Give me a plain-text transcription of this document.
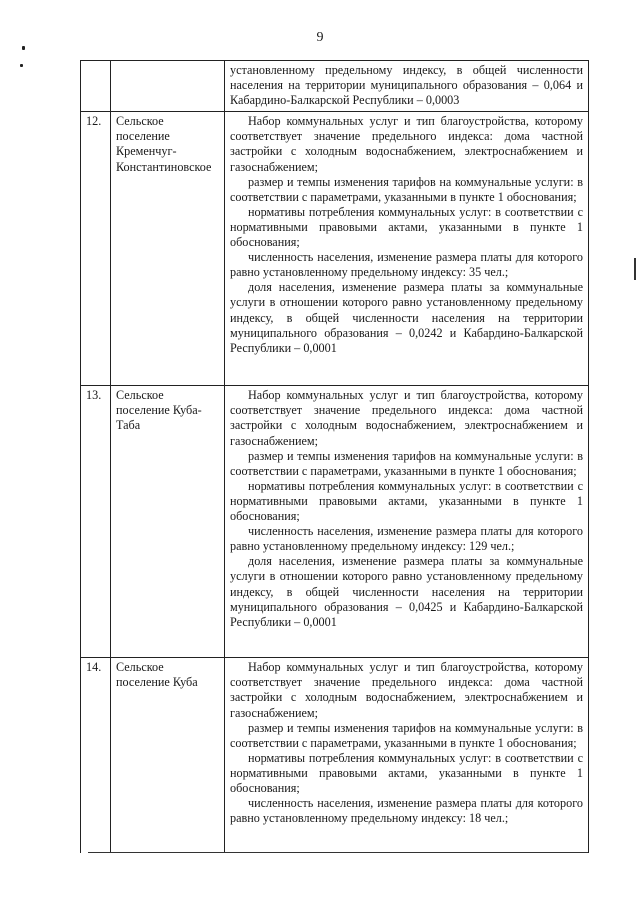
9

		установленному предельному индексу, в общей численности населения на территории муниципального образования – 0,064 и Кабардино-Балкарской Республики – 0,0003

12.	Сельское поселение Кременчуг-Константиновское	Набор коммунальных услуг и тип благоустройства, которому соответствует значение предельного индекса: дома частной застройки с холодным водоснабжением, электроснабжением и газоснабжением;

размер и темпы изменения тарифов на коммунальные услуги: в соответствии с параметрами, указанными в пункте 1 обоснования;

нормативы потребления коммунальных услуг: в соответствии с нормативными правовыми актами, указанными в пункте 1 обоснования;

численность населения, изменение размера платы для которого равно установленному предельному индексу: 35 чел.;

доля населения, изменение размера платы за коммунальные услуги в отношении которого равно установленному предельному индексу, в общей численности населения на территории муниципального образования – 0,0242 и Кабардино-Балкарской Республики – 0,0001

13.	Сельское поселение Куба-Таба	Набор коммунальных услуг и тип благоустройства, которому соответствует значение предельного индекса: дома частной застройки с холодным водоснабжением, электроснабжением и газоснабжением;

размер и темпы изменения тарифов на коммунальные услуги: в соответствии с параметрами, указанными в пункте 1 обоснования;

нормативы потребления коммунальных услуг: в соответствии с нормативными правовыми актами, указанными в пункте 1 обоснования;

численность населения, изменение размера платы для которого равно установленному предельному индексу: 129 чел.;

доля населения, изменение размера платы за коммунальные услуги в отношении которого равно установленному предельному индексу, в общей численности населения на территории муниципального образования – 0,0425 и Кабардино-Балкарской Республики – 0,0001

14.	Сельское поселение Куба	Набор коммунальных услуг и тип благоустройства, которому соответствует значение предельного индекса: дома частной застройки с холодным водоснабжением, электроснабжением и газоснабжением;

размер и темпы изменения тарифов на коммунальные услуги: в соответствии с параметрами, указанными в пункте 1 обоснования;

нормативы потребления коммунальных услуг: в соответствии с нормативными правовыми актами, указанными в пункте 1 обоснования;

численность населения, изменение размера платы для которого равно установленному предельному индексу: 18 чел.;
